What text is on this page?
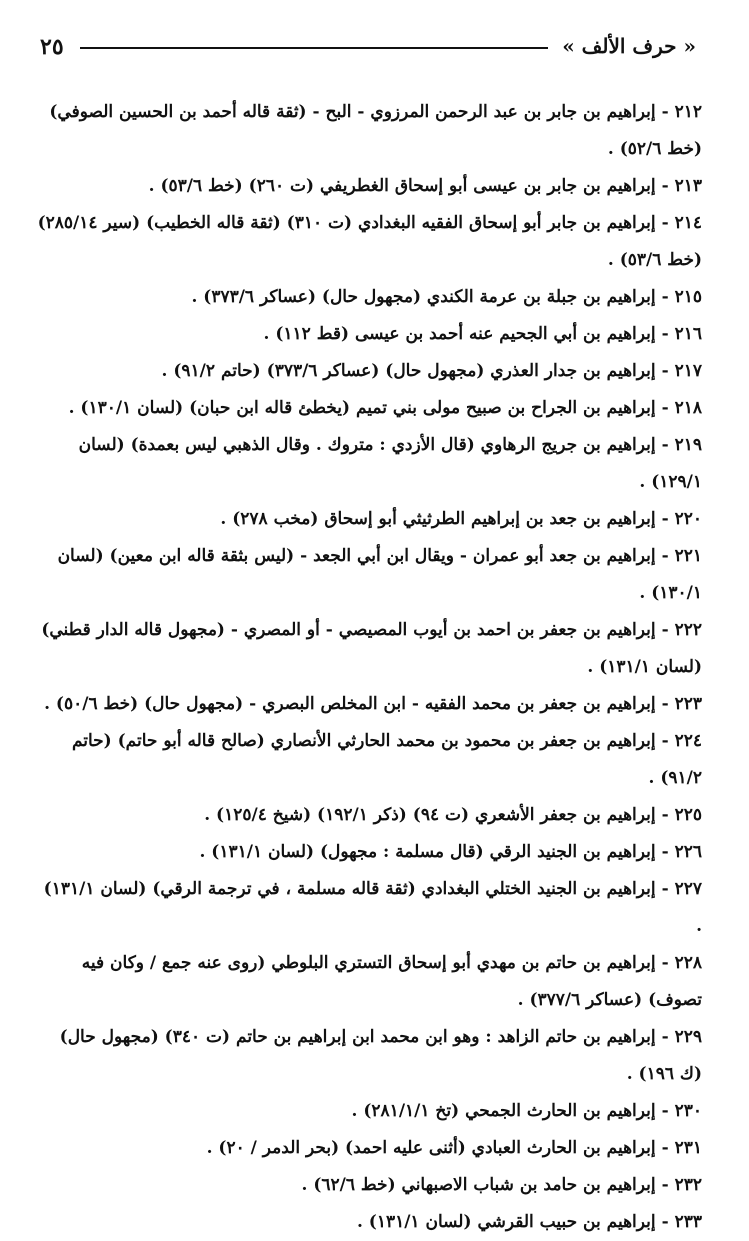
٢٥	« حرف الألف »

٢١٢ -إبراهيم بن جابر بن عبد الرحمن المرزوي - البح - (ثقة قاله أحمد بن الحسين الصوفي) (خط ٥٢/٦) .

٢١٣ -إبراهيم بن جابر بن عيسى أبو إسحاق الغطريفي (ت ٢٦٠) (خط ٥٣/٦) .

٢١٤ -إبراهيم بن جابر أبو إسحاق الفقيه البغدادي (ت ٣١٠) (ثقة قاله الخطيب) (سير ٢٨٥/١٤) (خط ٥٣/٦) .

٢١٥ -إبراهيم بن جبلة بن عرمة الكندي (مجهول حال) (عساكر ٣٧٣/٦) .

٢١٦ -إبراهيم بن أبي الجحيم عنه أحمد بن عيسى (قط ١١٢) .

٢١٧ -إبراهيم بن جدار العذري (مجهول حال) (عساكر ٣٧٣/٦) (حاتم ٩١/٢) .

٢١٨ -إبراهيم بن الجراح بن صبيح مولى بني تميم (يخطئ قاله ابن حبان) (لسان ١٣٠/١) .

٢١٩ -إبراهيم بن جريج الرهاوي (قال الأزدي : متروك . وقال الذهبي ليس بعمدة) (لسان ١٢٩/١) .

٢٢٠ -إبراهيم بن جعد بن إبراهيم الطرثيثي أبو إسحاق (مخب ٢٧٨) .

٢٢١ -إبراهيم بن جعد أبو عمران - ويقال ابن أبي الجعد - (ليس بثقة قاله ابن معين) (لسان ١٣٠/١) .

٢٢٢ -إبراهيم بن جعفر بن احمد بن أيوب المصيصي - أو المصري - (مجهول قاله الدار قطني) (لسان ١٣١/١) .

٢٢٣ -إبراهيم بن جعفر بن محمد الفقيه - ابن المخلص البصري - (مجهول حال) (خط ٥٠/٦) .

٢٢٤ -إبراهيم بن جعفر بن محمود بن محمد الحارثي الأنصاري (صالح قاله أبو حاتم) (حاتم ٩١/٢) .

٢٢٥ -إبراهيم بن جعفر الأشعري (ت ٩٤) (ذكر ١٩٢/١) (شيخ ١٢٥/٤) .

٢٢٦ -إبراهيم بن الجنيد الرقي (قال مسلمة : مجهول) (لسان ١٣١/١) .

٢٢٧ -إبراهيم بن الجنيد الختلي البغدادي (ثقة قاله مسلمة ، في ترجمة الرقي) (لسان ١٣١/١) .

٢٢٨ -إبراهيم بن حاتم بن مهدي أبو إسحاق التستري البلوطي (روى عنه جمع / وكان فيه تصوف) (عساكر ٣٧٧/٦) .

٢٢٩ -إبراهيم بن حاتم الزاهد : وهو ابن محمد ابن إبراهيم بن حاتم (ت ٣٤٠) (مجهول حال) (ك ١٩٦) .

٢٣٠ -إبراهيم بن الحارث الجمحي (تخ ٢٨١/١/١) .

٢٣١ -إبراهيم بن الحارث العبادي (أثنى عليه احمد) (بحر الدمر / ٢٠) .

٢٣٢ -إبراهيم بن حامد بن شباب الاصبهاني (خط ٦٢/٦) .

٢٣٣ -إبراهيم بن حبيب القرشي (لسان ١٣١/١) .
